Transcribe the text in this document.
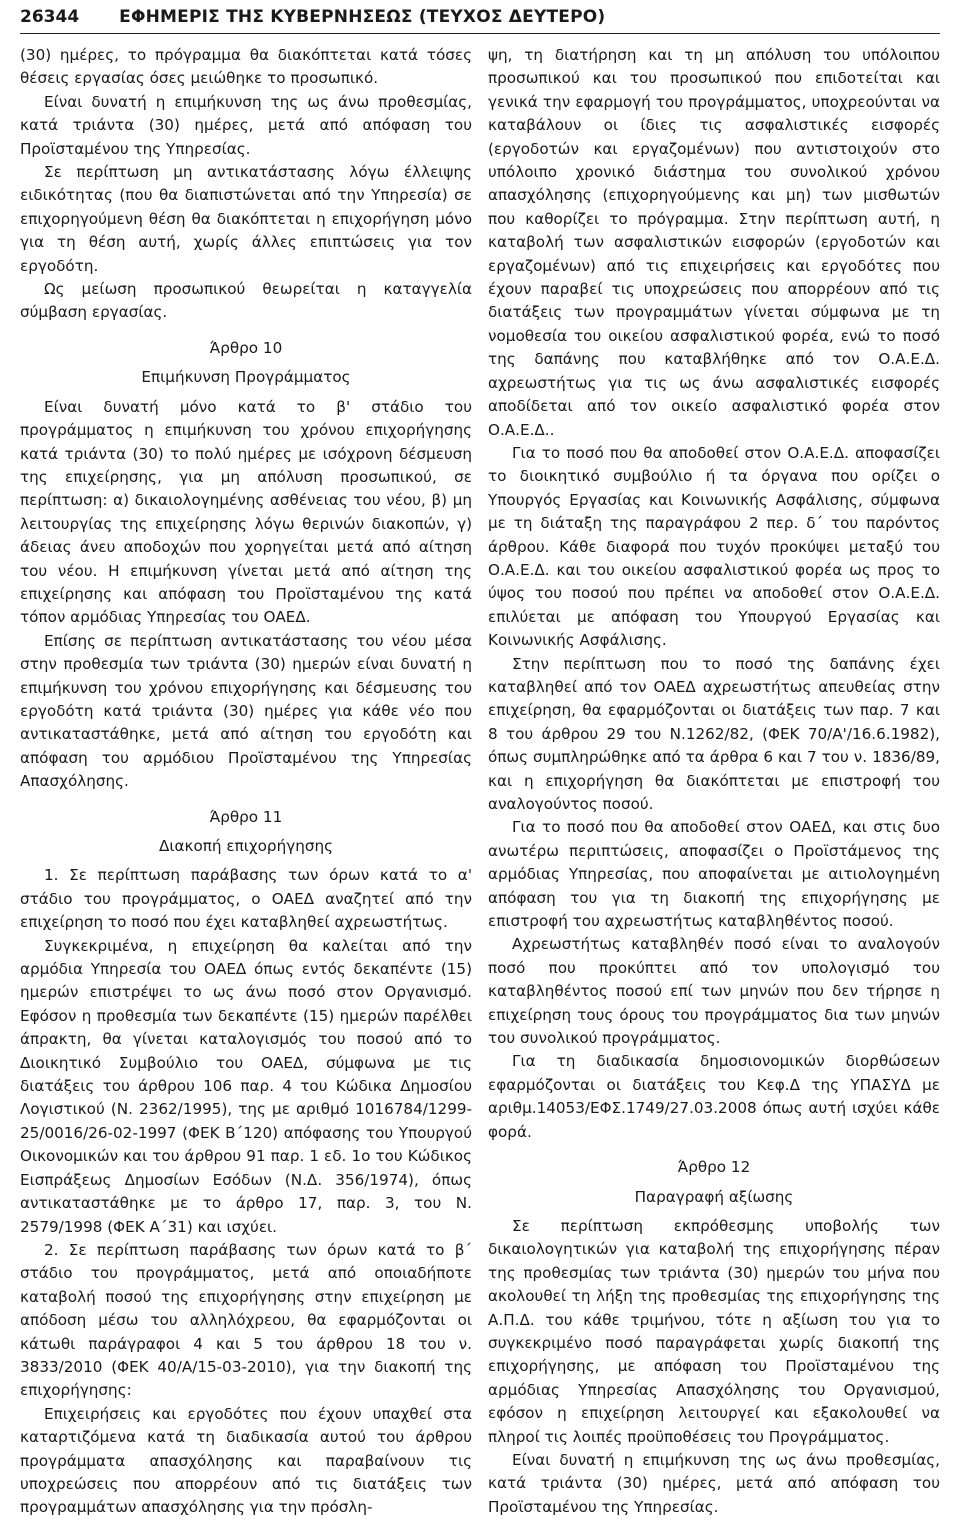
26344 ΕΦΗΜΕΡΙΣ ΤΗΣ ΚΥΒΕΡΝΗΣΕΩΣ (ΤΕΥΧΟΣ ΔΕΥΤΕΡΟ)

(30) ημέρες, το πρόγραμμα θα διακόπτεται κατά τόσες θέσεις εργασίας όσες μειώθηκε το προσωπικό.

Είναι δυνατή η επιμήκυνση της ως άνω προθεσμίας, κατά τριάντα (30) ημέρες, μετά από απόφαση του Προϊσταμένου της Υπηρεσίας.

Σε περίπτωση μη αντικατάστασης λόγω έλλειψης ειδικότητας (που θα διαπιστώνεται από την Υπηρεσία) σε επιχορηγούμενη θέση θα διακόπτεται η επιχορήγηση μόνο για τη θέση αυτή, χωρίς άλλες επιπτώσεις για τον εργοδότη.

Ως μείωση προσωπικού θεωρείται η καταγγελία σύμβαση εργασίας.

Άρθρο 10
Επιμήκυνση Προγράμματος

Είναι δυνατή μόνο κατά το β' στάδιο του προγράμματος η επιμήκυνση του χρόνου επιχορήγησης κατά τριάντα (30) το πολύ ημέρες με ισόχρονη δέσμευση της επιχείρησης, για μη απόλυση προσωπικού, σε περίπτωση: α) δικαιολογημένης ασθένειας του νέου, β) μη λειτουργίας της επιχείρησης λόγω θερινών διακοπών, γ) άδειας άνευ αποδοχών που χορηγείται μετά από αίτηση του νέου. Η επιμήκυνση γίνεται μετά από αίτηση της επιχείρησης και απόφαση του Προϊσταμένου της κατά τόπον αρμόδιας Υπηρεσίας του ΟΑΕΔ.

Επίσης σε περίπτωση αντικατάστασης του νέου μέσα στην προθεσμία των τριάντα (30) ημερών είναι δυνατή η επιμήκυνση του χρόνου επιχορήγησης και δέσμευσης του εργοδότη κατά τριάντα (30) ημέρες για κάθε νέο που αντικαταστάθηκε, μετά από αίτηση του εργοδότη και απόφαση του αρμόδιου Προϊσταμένου της Υπηρεσίας Απασχόλησης.

Άρθρο 11
Διακοπή επιχορήγησης

1. Σε περίπτωση παράβασης των όρων κατά το α' στάδιο του προγράμματος, ο ΟΑΕΔ αναζητεί από την επιχείρηση το ποσό που έχει καταβληθεί αχρεωστήτως.

Συγκεκριμένα, η επιχείρηση θα καλείται από την αρμόδια Υπηρεσία του ΟΑΕΔ όπως εντός δεκαπέντε (15) ημερών επιστρέψει το ως άνω ποσό στον Οργανισμό. Εφόσον η προθεσμία των δεκαπέντε (15) ημερών παρέλθει άπρακτη, θα γίνεται καταλογισμός του ποσού από το Διοικητικό Συμβούλιο του ΟΑΕΔ, σύμφωνα με τις διατάξεις του άρθρου 106 παρ. 4 του Κώδικα Δημοσίου Λογιστικού (Ν. 2362/1995), της με αριθμό 1016784/1299-25/0016/26-02-1997 (ΦΕΚ Β΄120) απόφασης του Υπουργού Οικονομικών και του άρθρου 91 παρ. 1 εδ. 1ο του Κώδικος Εισπράξεως Δημοσίων Εσόδων (Ν.Δ. 356/1974), όπως αντικαταστάθηκε με το άρθρο 17, παρ. 3, του Ν. 2579/1998 (ΦΕΚ Α΄31) και ισχύει.

2. Σε περίπτωση παράβασης των όρων κατά το β΄ στάδιο του προγράμματος, μετά από οποιαδήποτε καταβολή ποσού της επιχορήγησης στην επιχείρηση με απόδοση μέσω του αλληλόχρεου, θα εφαρμόζονται οι κάτωθι παράγραφοι 4 και 5 του άρθρου 18 του ν. 3833/2010 (ΦΕΚ 40/Α/15-03-2010), για την διακοπή της επιχορήγησης:

Επιχειρήσεις και εργοδότες που έχουν υπαχθεί στα καταρτιζόμενα κατά τη διαδικασία αυτού του άρθρου προγράμματα απασχόλησης και παραβαίνουν τις υποχρεώσεις που απορρέουν από τις διατάξεις των προγραμμάτων απασχόλησης για την πρόσλη-

ψη, τη διατήρηση και τη μη απόλυση του υπόλοιπου προσωπικού και του προσωπικού που επιδοτείται και γενικά την εφαρμογή του προγράμματος, υποχρεούνται να καταβάλουν οι ίδιες τις ασφαλιστικές εισφορές (εργοδοτών και εργαζομένων) που αντιστοιχούν στο υπόλοιπο χρονικό διάστημα του συνολικού χρόνου απασχόλησης (επιχορηγούμενης και μη) των μισθωτών που καθορίζει το πρόγραμμα. Στην περίπτωση αυτή, η καταβολή των ασφαλιστικών εισφορών (εργοδοτών και εργαζομένων) από τις επιχειρήσεις και εργοδότες που έχουν παραβεί τις υποχρεώσεις που απορρέουν από τις διατάξεις των προγραμμάτων γίνεται σύμφωνα με τη νομοθεσία του οικείου ασφαλιστικού φορέα, ενώ το ποσό της δαπάνης που καταβλήθηκε από τον Ο.Α.Ε.Δ. αχρεωστήτως για τις ως άνω ασφαλιστικές εισφορές αποδίδεται από τον οικείο ασφαλιστικό φορέα στον Ο.Α.Ε.Δ..

Για το ποσό που θα αποδοθεί στον Ο.Α.Ε.Δ. αποφασίζει το διοικητικό συμβούλιο ή τα όργανα που ορίζει ο Υπουργός Εργασίας και Κοινωνικής Ασφάλισης, σύμφωνα με τη διάταξη της παραγράφου 2 περ. δ΄ του παρόντος άρθρου. Κάθε διαφορά που τυχόν προκύψει μεταξύ του Ο.Α.Ε.Δ. και του οικείου ασφαλιστικού φορέα ως προς το ύψος του ποσού που πρέπει να αποδοθεί στον Ο.Α.Ε.Δ. επιλύεται με απόφαση του Υπουργού Εργασίας και Κοινωνικής Ασφάλισης.

Στην περίπτωση που το ποσό της δαπάνης έχει καταβληθεί από τον ΟΑΕΔ αχρεωστήτως απευθείας στην επιχείρηση, θα εφαρμόζονται οι διατάξεις των παρ. 7 και 8 του άρθρου 29 του Ν.1262/82, (ΦΕΚ 70/Α'/16.6.1982), όπως συμπληρώθηκε από τα άρθρα 6 και 7 του ν. 1836/89, και η επιχορήγηση θα διακόπτεται με επιστροφή του αναλογούντος ποσού.

Για το ποσό που θα αποδοθεί στον ΟΑΕΔ, και στις δυο ανωτέρω περιπτώσεις, αποφασίζει ο Προϊστάμενος της αρμόδιας Υπηρεσίας, που αποφαίνεται με αιτιολογημένη απόφαση του για τη διακοπή της επιχορήγησης με επιστροφή του αχρεωστήτως καταβληθέντος ποσού.

Αχρεωστήτως καταβληθέν ποσό είναι το αναλογούν ποσό που προκύπτει από τον υπολογισμό του καταβληθέντος ποσού επί των μηνών που δεν τήρησε η επιχείρηση τους όρους του προγράμματος δια των μηνών του συνολικού προγράμματος.

Για τη διαδικασία δημοσιονομικών διορθώσεων εφαρμόζονται οι διατάξεις του Κεφ.Δ της ΥΠΑΣΥΔ με αριθμ.14053/ΕΦΣ.1749/27.03.2008 όπως αυτή ισχύει κάθε φορά.

Άρθρο 12
Παραγραφή αξίωσης

Σε περίπτωση εκπρόθεσμης υποβολής των δικαιολογητικών για καταβολή της επιχορήγησης πέραν της προθεσμίας των τριάντα (30) ημερών του μήνα που ακολουθεί τη λήξη της προθεσμίας της επιχορήγησης της Α.Π.Δ. του κάθε τριμήνου, τότε η αξίωση του για το συγκεκριμένο ποσό παραγράφεται χωρίς διακοπή της επιχορήγησης, με απόφαση του Προϊσταμένου της αρμόδιας Υπηρεσίας Απασχόλησης του Οργανισμού, εφόσον η επιχείρηση λειτουργεί και εξακολουθεί να πληροί τις λοιπές προϋποθέσεις του Προγράμματος.

Είναι δυνατή η επιμήκυνση της ως άνω προθεσμίας, κατά τριάντα (30) ημέρες, μετά από απόφαση του Προϊσταμένου της Υπηρεσίας.
